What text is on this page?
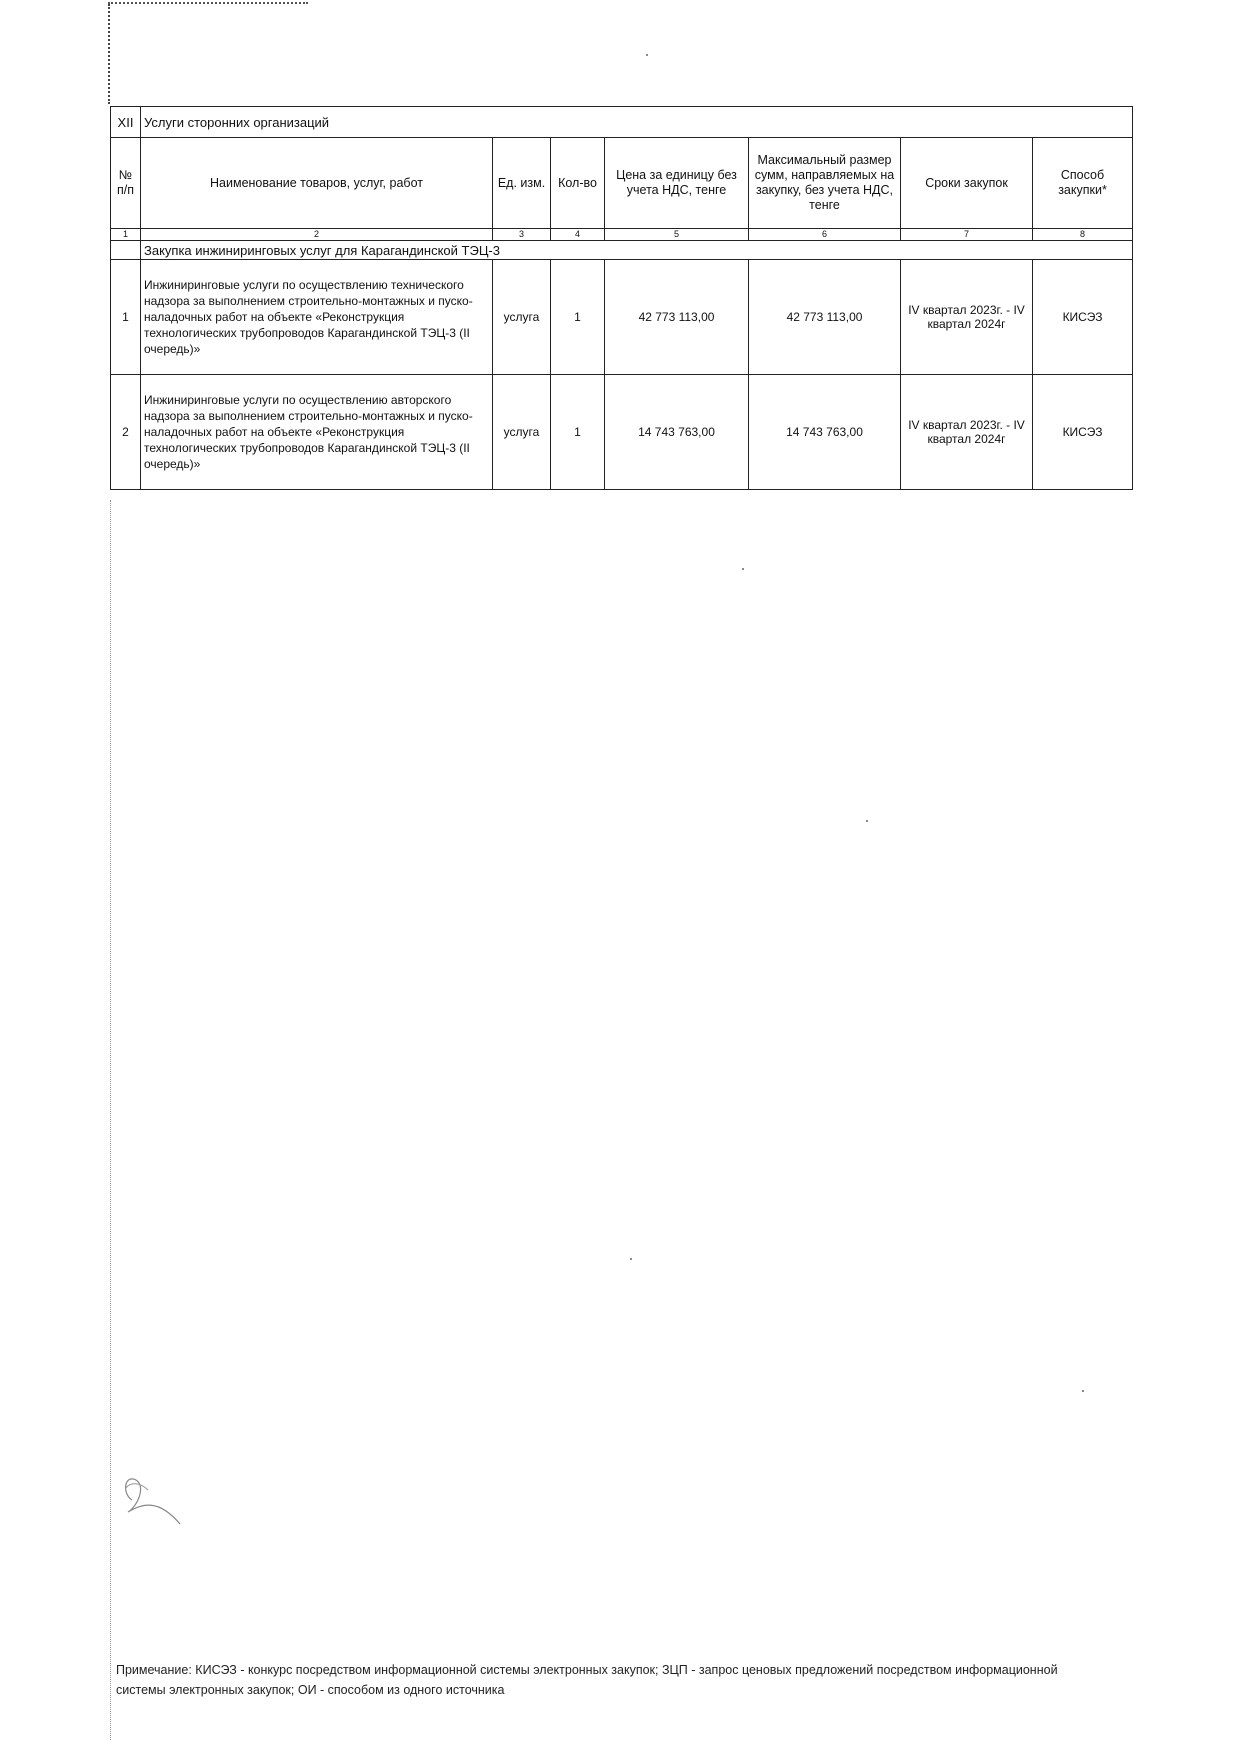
XII	Услуги сторонних организаций						
№ п/п	Наименование товаров, услуг, работ	Ед. изм.	Кол-во	Цена за единицу без учета НДС, тенге	Максимальный размер сумм, направляемых на закупку, без учета НДС, тенге	Сроки закупок	Способ закупки*
1	2	3	4	5	6	7	8
	Закупка инжиниринговых услуг для Карагандинской ТЭЦ-3						
1	Инжиниринговые услуги по осуществлению технического надзора за выполнением строительно-монтажных и пуско-наладочных работ на объекте «Реконструкция технологических трубопроводов Карагандинской ТЭЦ-3 (II очередь)»	услуга	1	42 773 113,00	42 773 113,00	IV квартал 2023г. - IV квартал 2024г	КИСЭЗ
2	Инжиниринговые услуги по осуществлению авторского надзора за выполнением строительно-монтажных и пуско-наладочных работ на объекте «Реконструкция технологических трубопроводов Карагандинской ТЭЦ-3 (II очередь)»	услуга	1	14 743 763,00	14 743 763,00	IV квартал 2023г. - IV квартал 2024г	КИСЭЗ
Примечание: КИСЭЗ - конкурс посредством информационной системы электронных закупок; ЗЦП - запрос ценовых предложений посредством информационной системы электронных закупок; ОИ - способом из одного источника
